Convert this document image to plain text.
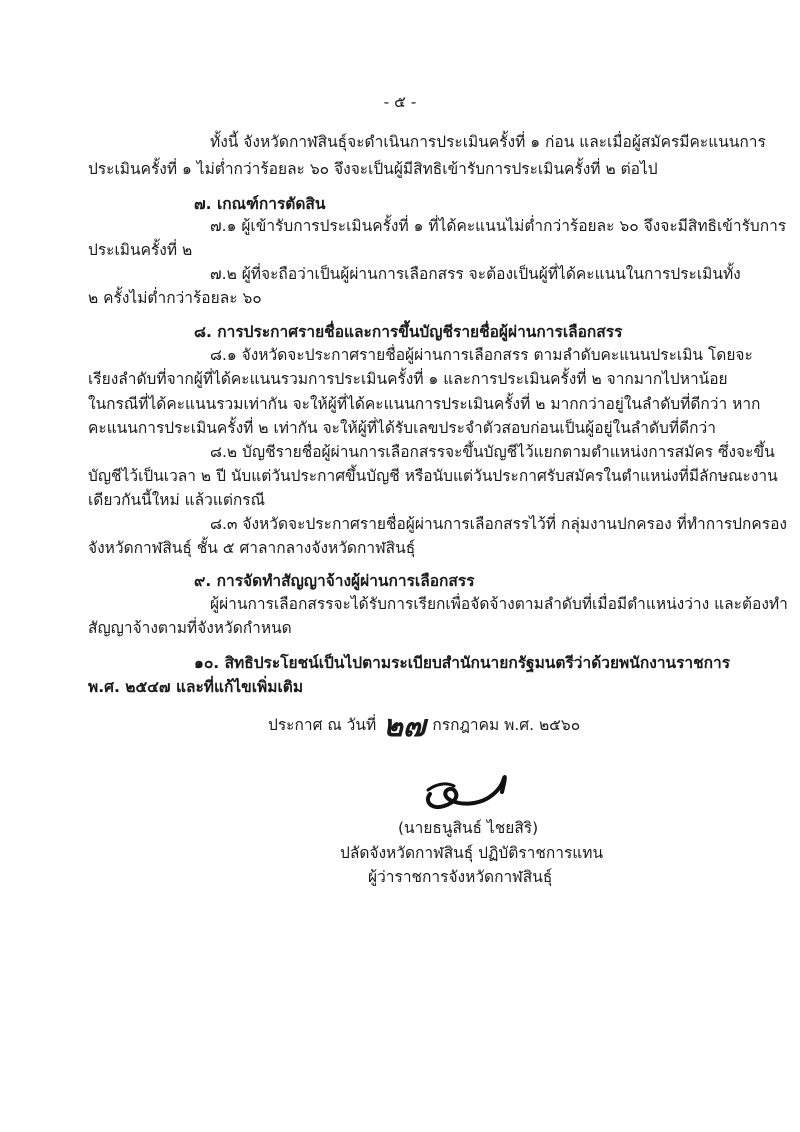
- ๕ -
ทั้งนี้ จังหวัดกาฬสินธุ์จะดำเนินการประเมินครั้งที่ ๑ ก่อน และเมื่อผู้สมัครมีคะแนนการ
ประเมินครั้งที่ ๑ ไม่ต่ำกว่าร้อยละ ๖๐ จึงจะเป็นผู้มีสิทธิเข้ารับการประเมินครั้งที่ ๒ ต่อไป
๗. เกณฑ์การตัดสิน
๗.๑ ผู้เข้ารับการประเมินครั้งที่ ๑ ที่ได้คะแนนไม่ต่ำกว่าร้อยละ ๖๐ จึงจะมีสิทธิเข้ารับการ
ประเมินครั้งที่ ๒
๗.๒ ผู้ที่จะถือว่าเป็นผู้ผ่านการเลือกสรร จะต้องเป็นผู้ที่ได้คะแนนในการประเมินทั้ง
๒ ครั้งไม่ต่ำกว่าร้อยละ ๖๐
๘. การประกาศรายชื่อและการขึ้นบัญชีรายชื่อผู้ผ่านการเลือกสรร
๘.๑ จังหวัดจะประกาศรายชื่อผู้ผ่านการเลือกสรร ตามลำดับคะแนนประเมิน โดยจะ
เรียงลำดับที่จากผู้ที่ได้คะแนนรวมการประเมินครั้งที่ ๑ และการประเมินครั้งที่ ๒ จากมากไปหาน้อย
ในกรณีที่ได้คะแนนรวมเท่ากัน จะให้ผู้ที่ได้คะแนนการประเมินครั้งที่ ๒ มากกว่าอยู่ในลำดับที่ดีกว่า หาก
คะแนนการประเมินครั้งที่ ๒ เท่ากัน จะให้ผู้ที่ได้รับเลขประจำตัวสอบก่อนเป็นผู้อยู่ในลำดับที่ดีกว่า
๘.๒ บัญชีรายชื่อผู้ผ่านการเลือกสรรจะขึ้นบัญชีไว้แยกตามตำแหน่งการสมัคร ซึ่งจะขึ้น
บัญชีไว้เป็นเวลา ๒ ปี นับแต่วันประกาศขึ้นบัญชี หรือนับแต่วันประกาศรับสมัครในตำแหน่งที่มีลักษณะงาน
เดียวกันนี้ใหม่ แล้วแต่กรณี
๘.๓ จังหวัดจะประกาศรายชื่อผู้ผ่านการเลือกสรรไว้ที่ กลุ่มงานปกครอง ที่ทำการปกครอง
จังหวัดกาฬสินธุ์ ชั้น ๕ ศาลากลางจังหวัดกาฬสินธุ์
๙. การจัดทำสัญญาจ้างผู้ผ่านการเลือกสรร
ผู้ผ่านการเลือกสรรจะได้รับการเรียกเพื่อจัดจ้างตามลำดับที่เมื่อมีตำแหน่งว่าง และต้องทำ
สัญญาจ้างตามที่จังหวัดกำหนด
๑๐. สิทธิประโยชน์เป็นไปตามระเบียบสำนักนายกรัฐมนตรีว่าด้วยพนักงานราชการ
พ.ศ. ๒๕๔๗ และที่แก้ไขเพิ่มเติม
ประกาศ ณ วันที่ ๒๗ กรกฎาคม พ.ศ. ๒๕๖๐
(นายธนูสินธ์ ไชยสิริ)
ปลัดจังหวัดกาฬสินธุ์ ปฏิบัติราชการแทน
ผู้ว่าราชการจังหวัดกาฬสินธุ์
